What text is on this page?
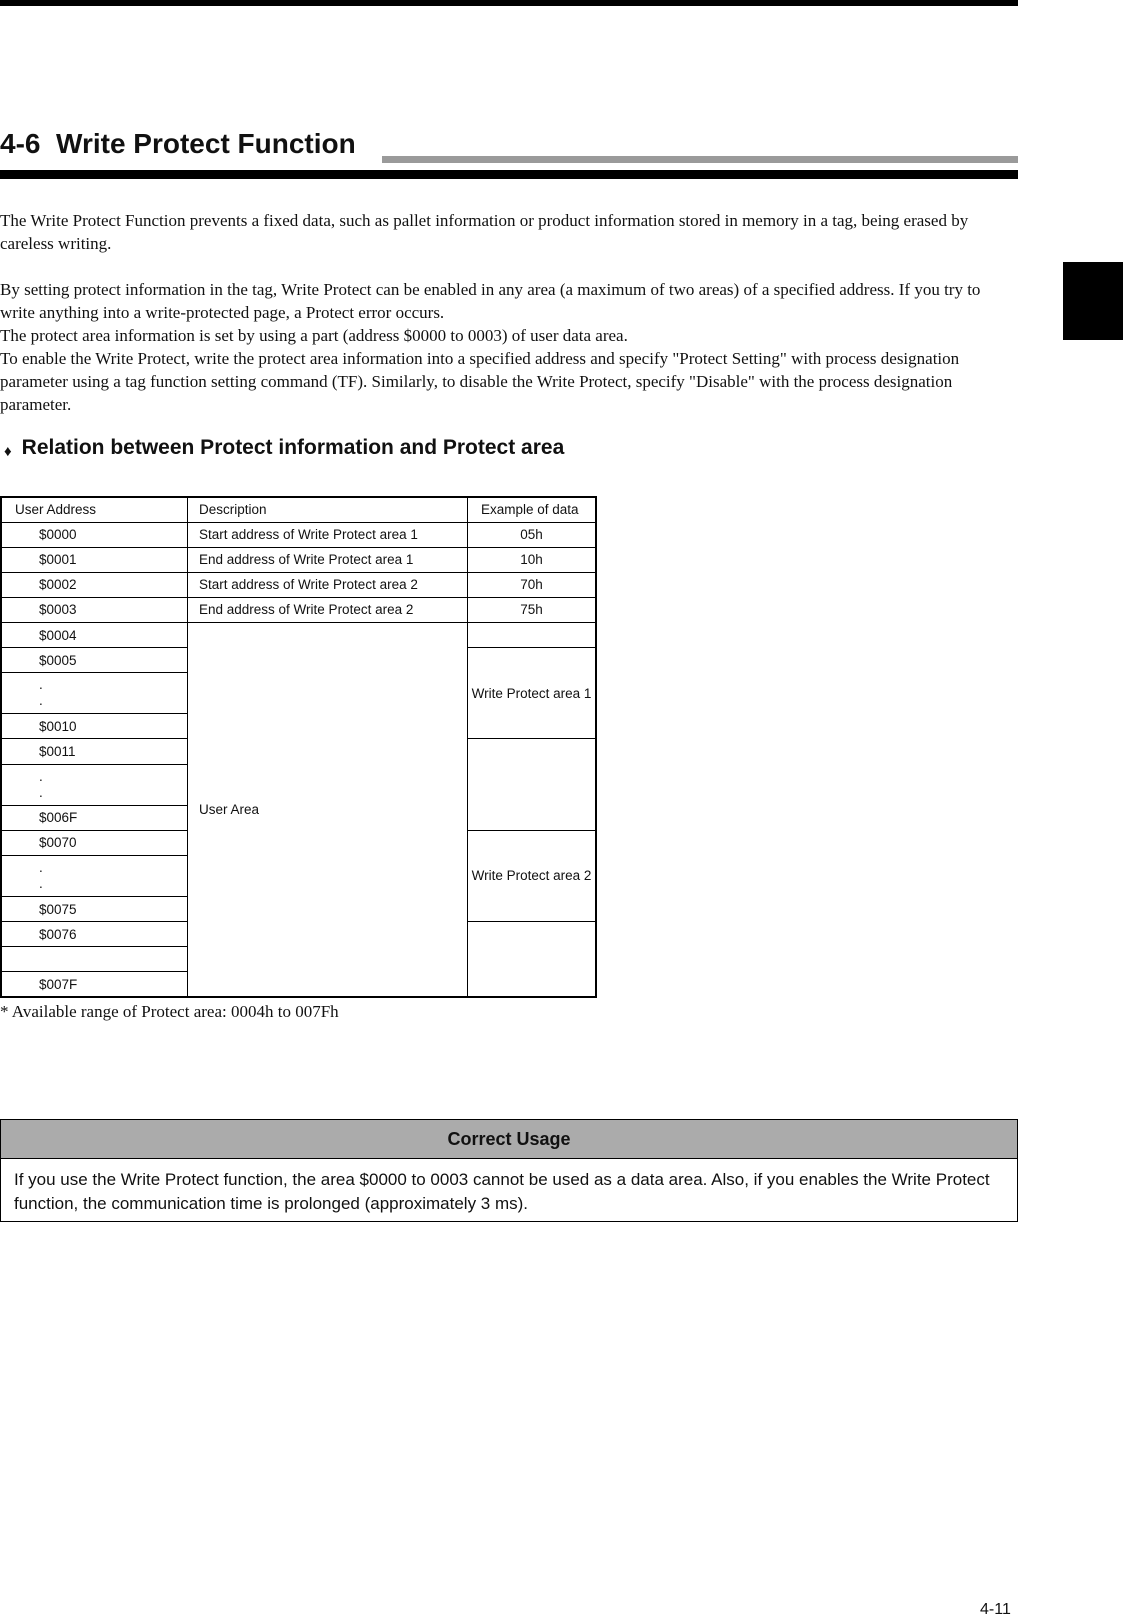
4-6 Write Protect Function

The Write Protect Function prevents a fixed data, such as pallet information or product information stored in memory in a tag, being erased by careless writing.

By setting protect information in the tag, Write Protect can be enabled in any area (a maximum of two areas) of a specified address. If you try to write anything into a write-protected page, a Protect error occurs.

The protect area information is set by using a part (address $0000 to 0003) of user data area.

To enable the Write Protect, write the protect area information into a specified address and specify "Protect Setting" with process designation parameter using a tag function setting command (TF). Similarly, to disable the Write Protect, specify "Disable" with the process designation parameter.

♦ Relation between Protect information and Protect area
User Address	Description	Example of data
$0000	Start address of Write Protect area 1	05h
$0001	End address of Write Protect area 1	10h
$0002	Start address of Write Protect area 2	70h
$0003	End address of Write Protect area 2	75h
$0004	User Area	
$0005		Write Protect area 1
.
.		
$0010		
$0011		
.
.		
$006F		
$0070		Write Protect area 2
.
.		
$0075		
$0076		

$007F		
* Available range of Protect area: 0004h to 007Fh
Correct Usage
If you use the Write Protect function, the area $0000 to 0003 cannot be used as a data area. Also, if you enables the Write Protect function, the communication time is prolonged (approximately 3 ms).
4-11
